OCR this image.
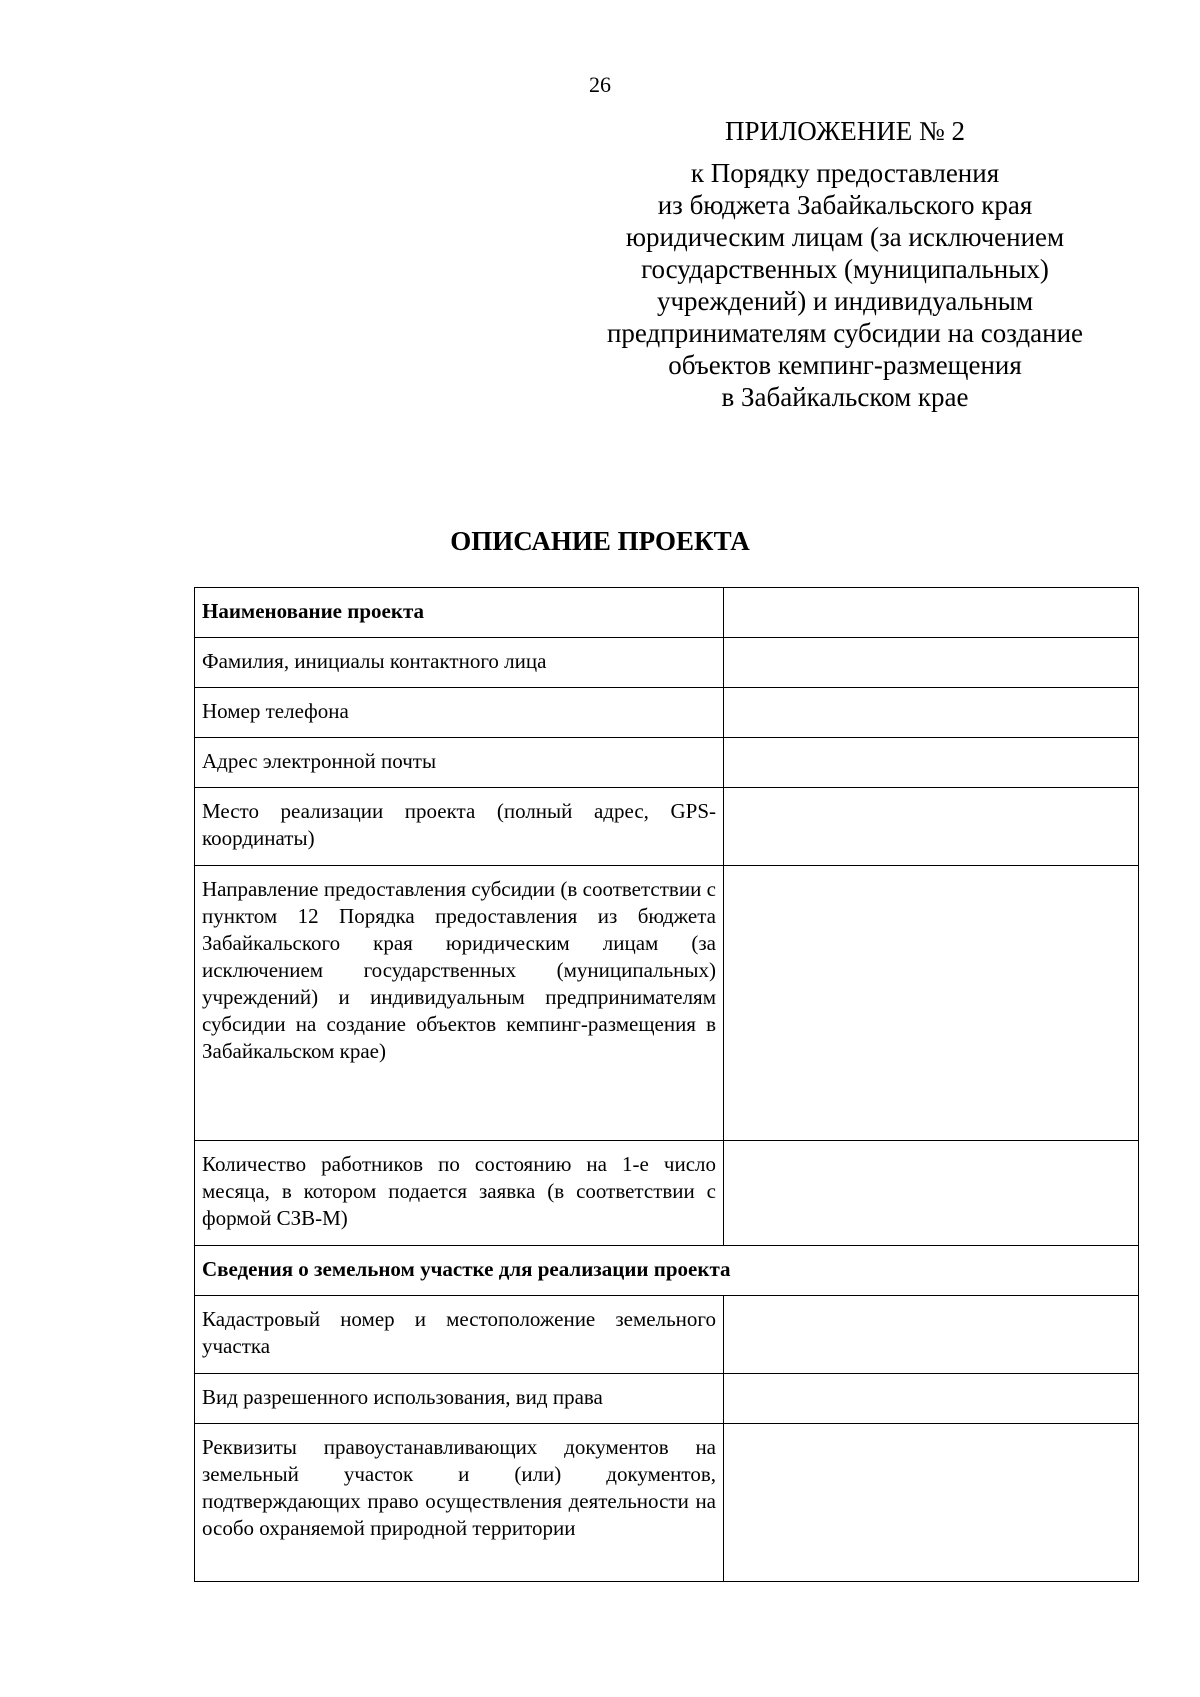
26
ПРИЛОЖЕНИЕ № 2
к Порядку предоставления
из бюджета Забайкальского края
юридическим лицам (за исключением
государственных (муниципальных)
учреждений) и индивидуальным
предпринимателям субсидии на создание
объектов кемпинг-размещения
в Забайкальском крае
ОПИСАНИЕ ПРОЕКТА
Наименование проекта	
Фамилия, инициалы контактного лица	
Номер телефона	
Адрес электронной почты	
Место реализации проекта (полный адрес, GPS-координаты)	
Направление предоставления субсидии (в соответствии с пунктом 12 Порядка предоставления из бюджета Забайкальского края юридическим лицам (за исключением государственных (муниципальных) учреждений) и индивидуальным предпринимателям субсидии на создание объектов кемпинг-размещения в Забайкальском крае)	
Количество работников по состоянию на 1-е число месяца, в котором подается заявка (в соответствии с формой СЗВ-М)	
Сведения о земельном участке для реализации проекта	
Кадастровый номер и местоположение земельного участка	
Вид разрешенного использования, вид права	
Реквизиты правоустанавливающих документов на земельный участок и (или) документов, подтверждающих право осуществления деятельности на особо охраняемой природной территории	
